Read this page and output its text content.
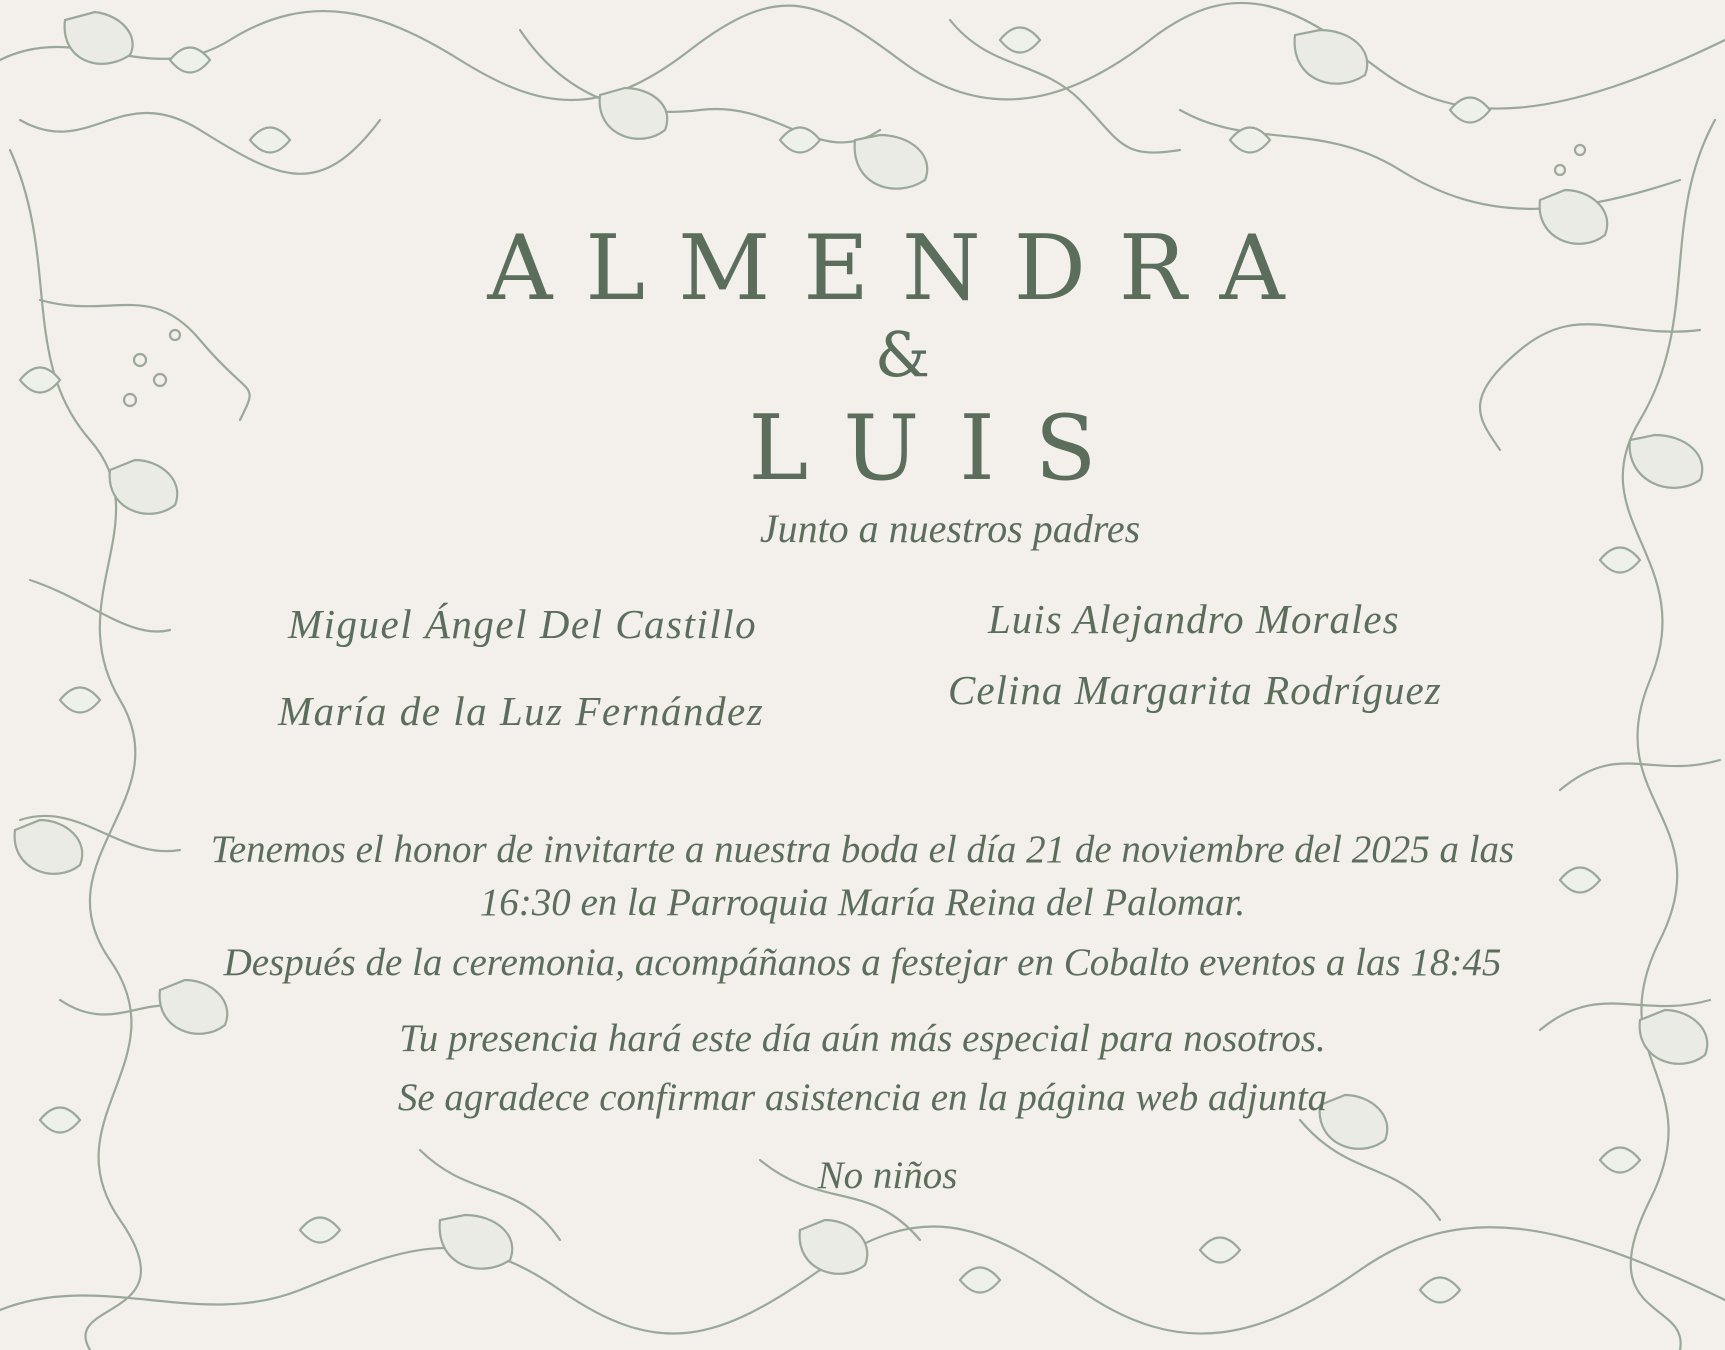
ALMENDRA
&
LUIS
Junto a nuestros padres
Miguel Ángel Del Castillo
María de la Luz Fernández
Luis Alejandro Morales
Celina Margarita Rodríguez
Tenemos el honor de invitarte a nuestra boda el día 21 de noviembre del 2025 a las
16:30 en la Parroquia María Reina del Palomar.
Después de la ceremonia, acompáñanos a festejar en Cobalto eventos a las 18:45
Tu presencia hará este día aún más especial para nosotros.
Se agradece confirmar asistencia en la página web adjunta
No niños
